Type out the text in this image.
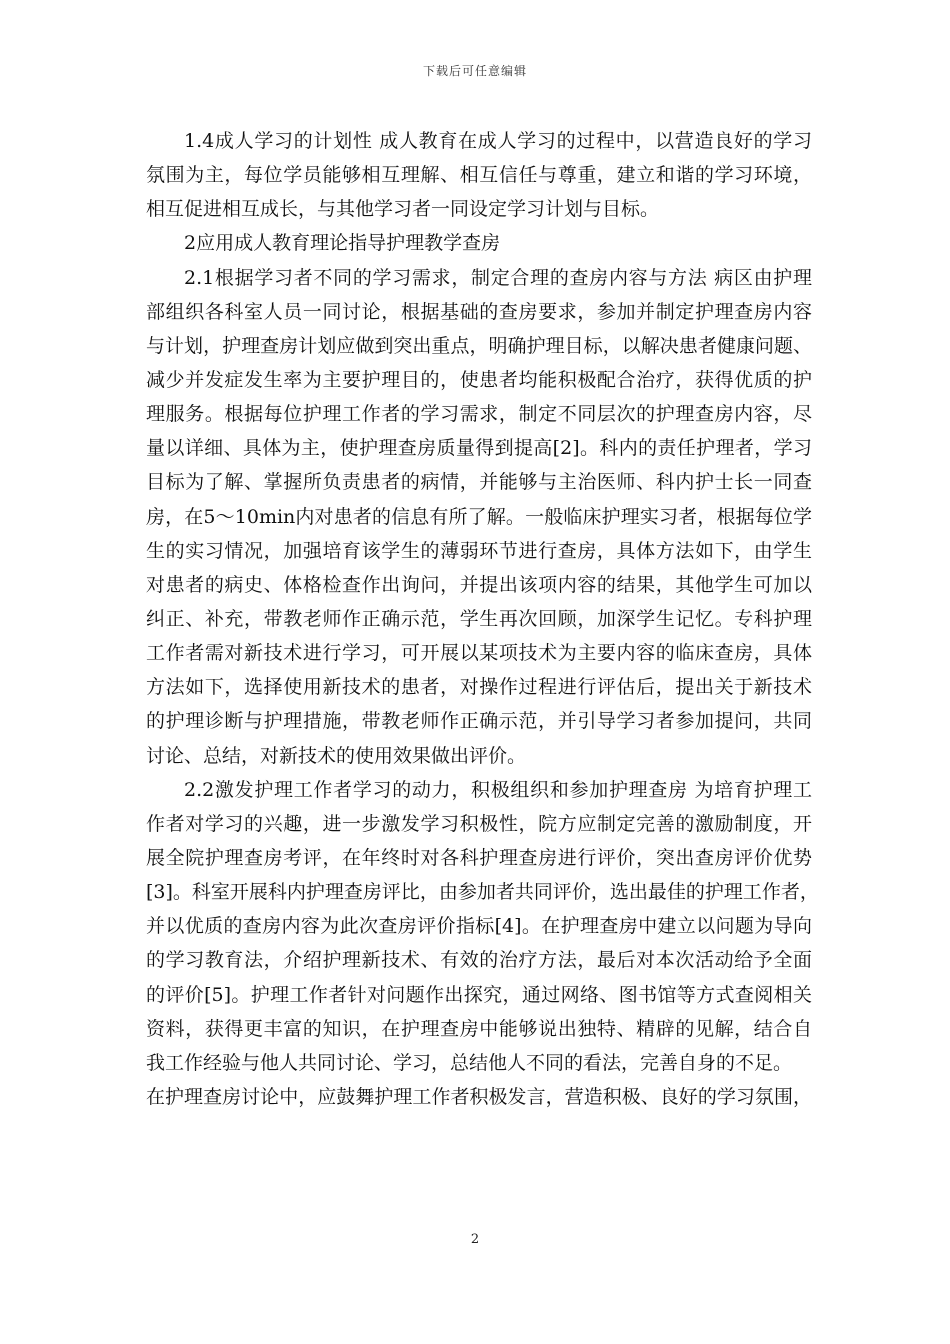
下载后可任意编辑
1.4成人学习的计划性 成人教育在成人学习的过程中，以营造良好的学习
氛围为主，每位学员能够相互理解、相互信任与尊重，建立和谐的学习环境，
相互促进相互成长，与其他学习者一同设定学习计划与目标。
2应用成人教育理论指导护理教学查房
2.1根据学习者不同的学习需求，制定合理的查房内容与方法 病区由护理
部组织各科室人员一同讨论，根据基础的查房要求，参加并制定护理查房内容
与计划，护理查房计划应做到突出重点，明确护理目标，以解决患者健康问题、
减少并发症发生率为主要护理目的，使患者均能积极配合治疗，获得优质的护
理服务。根据每位护理工作者的学习需求，制定不同层次的护理查房内容，尽
量以详细、具体为主，使护理查房质量得到提高[2]。科内的责任护理者，学习
目标为了解、掌握所负责患者的病情，并能够与主治医师、科内护士长一同查
房，在5～10min内对患者的信息有所了解。一般临床护理实习者，根据每位学
生的实习情况，加强培育该学生的薄弱环节进行查房，具体方法如下，由学生
对患者的病史、体格检查作出询问，并提出该项内容的结果，其他学生可加以
纠正、补充，带教老师作正确示范，学生再次回顾，加深学生记忆。专科护理
工作者需对新技术进行学习，可开展以某项技术为主要内容的临床查房，具体
方法如下，选择使用新技术的患者，对操作过程进行评估后，提出关于新技术
的护理诊断与护理措施，带教老师作正确示范，并引导学习者参加提问，共同
讨论、总结，对新技术的使用效果做出评价。
2.2激发护理工作者学习的动力，积极组织和参加护理查房 为培育护理工
作者对学习的兴趣，进一步激发学习积极性，院方应制定完善的激励制度，开
展全院护理查房考评，在年终时对各科护理查房进行评价，突出查房评价优势
[3]。科室开展科内护理查房评比，由参加者共同评价，选出最佳的护理工作者，
并以优质的查房内容为此次查房评价指标[4]。在护理查房中建立以问题为导向
的学习教育法，介绍护理新技术、有效的治疗方法，最后对本次活动给予全面
的评价[5]。护理工作者针对问题作出探究，通过网络、图书馆等方式查阅相关
资料，获得更丰富的知识，在护理查房中能够说出独特、精辟的见解，结合自
我工作经验与他人共同讨论、学习，总结他人不同的看法，完善自身的不足。
在护理查房讨论中，应鼓舞护理工作者积极发言，营造积极、良好的学习氛围，
2
